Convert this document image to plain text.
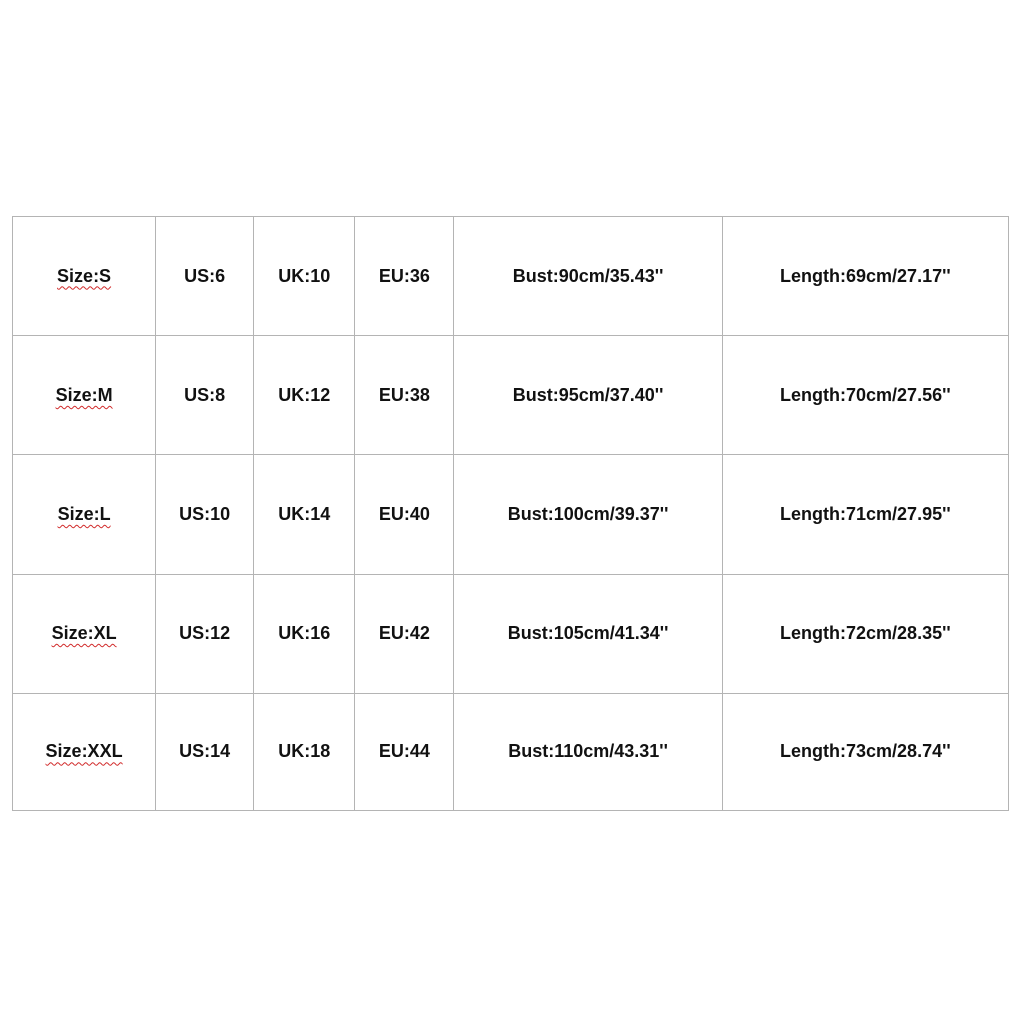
Size:S	US:6	UK:10	EU:36	Bust:90cm/35.43''	Length:69cm/27.17''
Size:M	US:8	UK:12	EU:38	Bust:95cm/37.40''	Length:70cm/27.56''
Size:L	US:10	UK:14	EU:40	Bust:100cm/39.37''	Length:71cm/27.95''
Size:XL	US:12	UK:16	EU:42	Bust:105cm/41.34''	Length:72cm/28.35''
Size:XXL	US:14	UK:18	EU:44	Bust:110cm/43.31''	Length:73cm/28.74''
